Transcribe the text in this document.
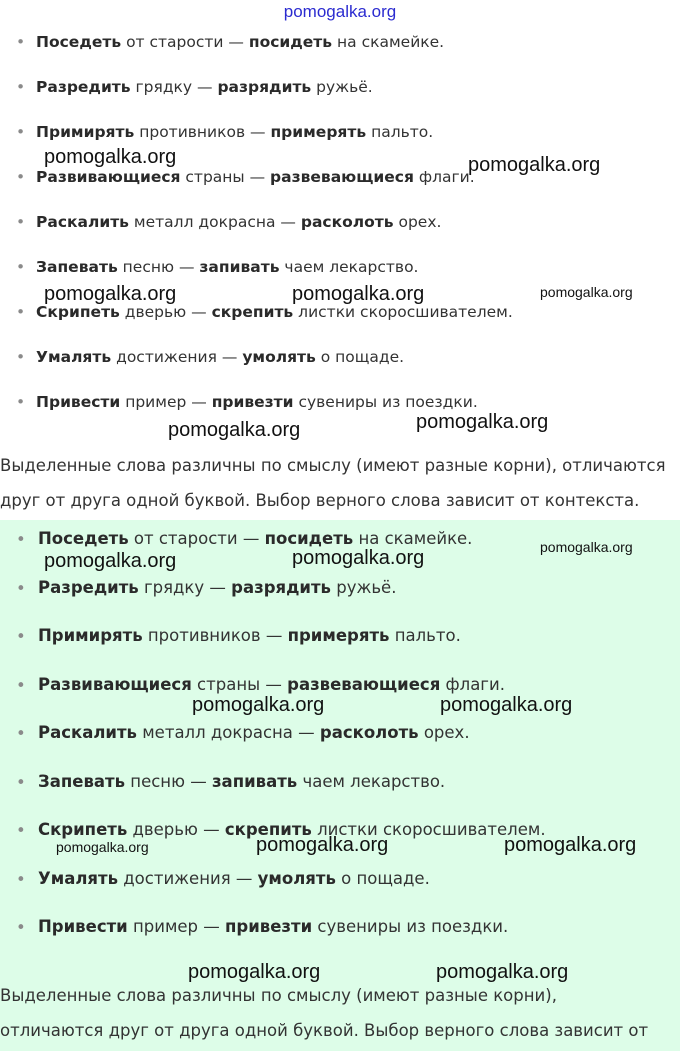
pomogalka.org
• Поседеть от старости — посидеть на скамейке.
• Разредить грядку — разрядить ружьё.
• Примирять противников — примерять пальто.
• Развивающиеся страны — развевающиеся флаги.
• Раскалить металл докрасна — расколоть орех.
• Запевать песню — запивать чаем лекарство.
• Скрипеть дверью — скрепить листки скоросшивателем.
• Умалять достижения — умолять о пощаде.
• Привести пример — привезти сувениры из поездки.
Выделенные слова различны по смыслу (имеют разные корни), отличаются
друг от друга одной буквой. Выбор верного слова зависит от контекста.
• Поседеть от старости — посидеть на скамейке.
• Разредить грядку — разрядить ружьё.
• Примирять противников — примерять пальто.
• Развивающиеся страны — развевающиеся флаги.
• Раскалить металл докрасна — расколоть орех.
• Запевать песню — запивать чаем лекарство.
• Скрипеть дверью — скрепить листки скоросшивателем.
• Умалять достижения — умолять о пощаде.
• Привести пример — привезти сувениры из поездки.
Выделенные слова различны по смыслу (имеют разные корни),
отличаются друг от друга одной буквой. Выбор верного слова зависит от
pomogalka.org	pomogalka.org
pomogalka.org	pomogalka.org	pomogalka.org
pomogalka.org	pomogalka.org
pomogalka.org	pomogalka.org	pomogalka.org
pomogalka.org	pomogalka.org
pomogalka.org	pomogalka.org	pomogalka.org
pomogalka.org	pomogalka.org
